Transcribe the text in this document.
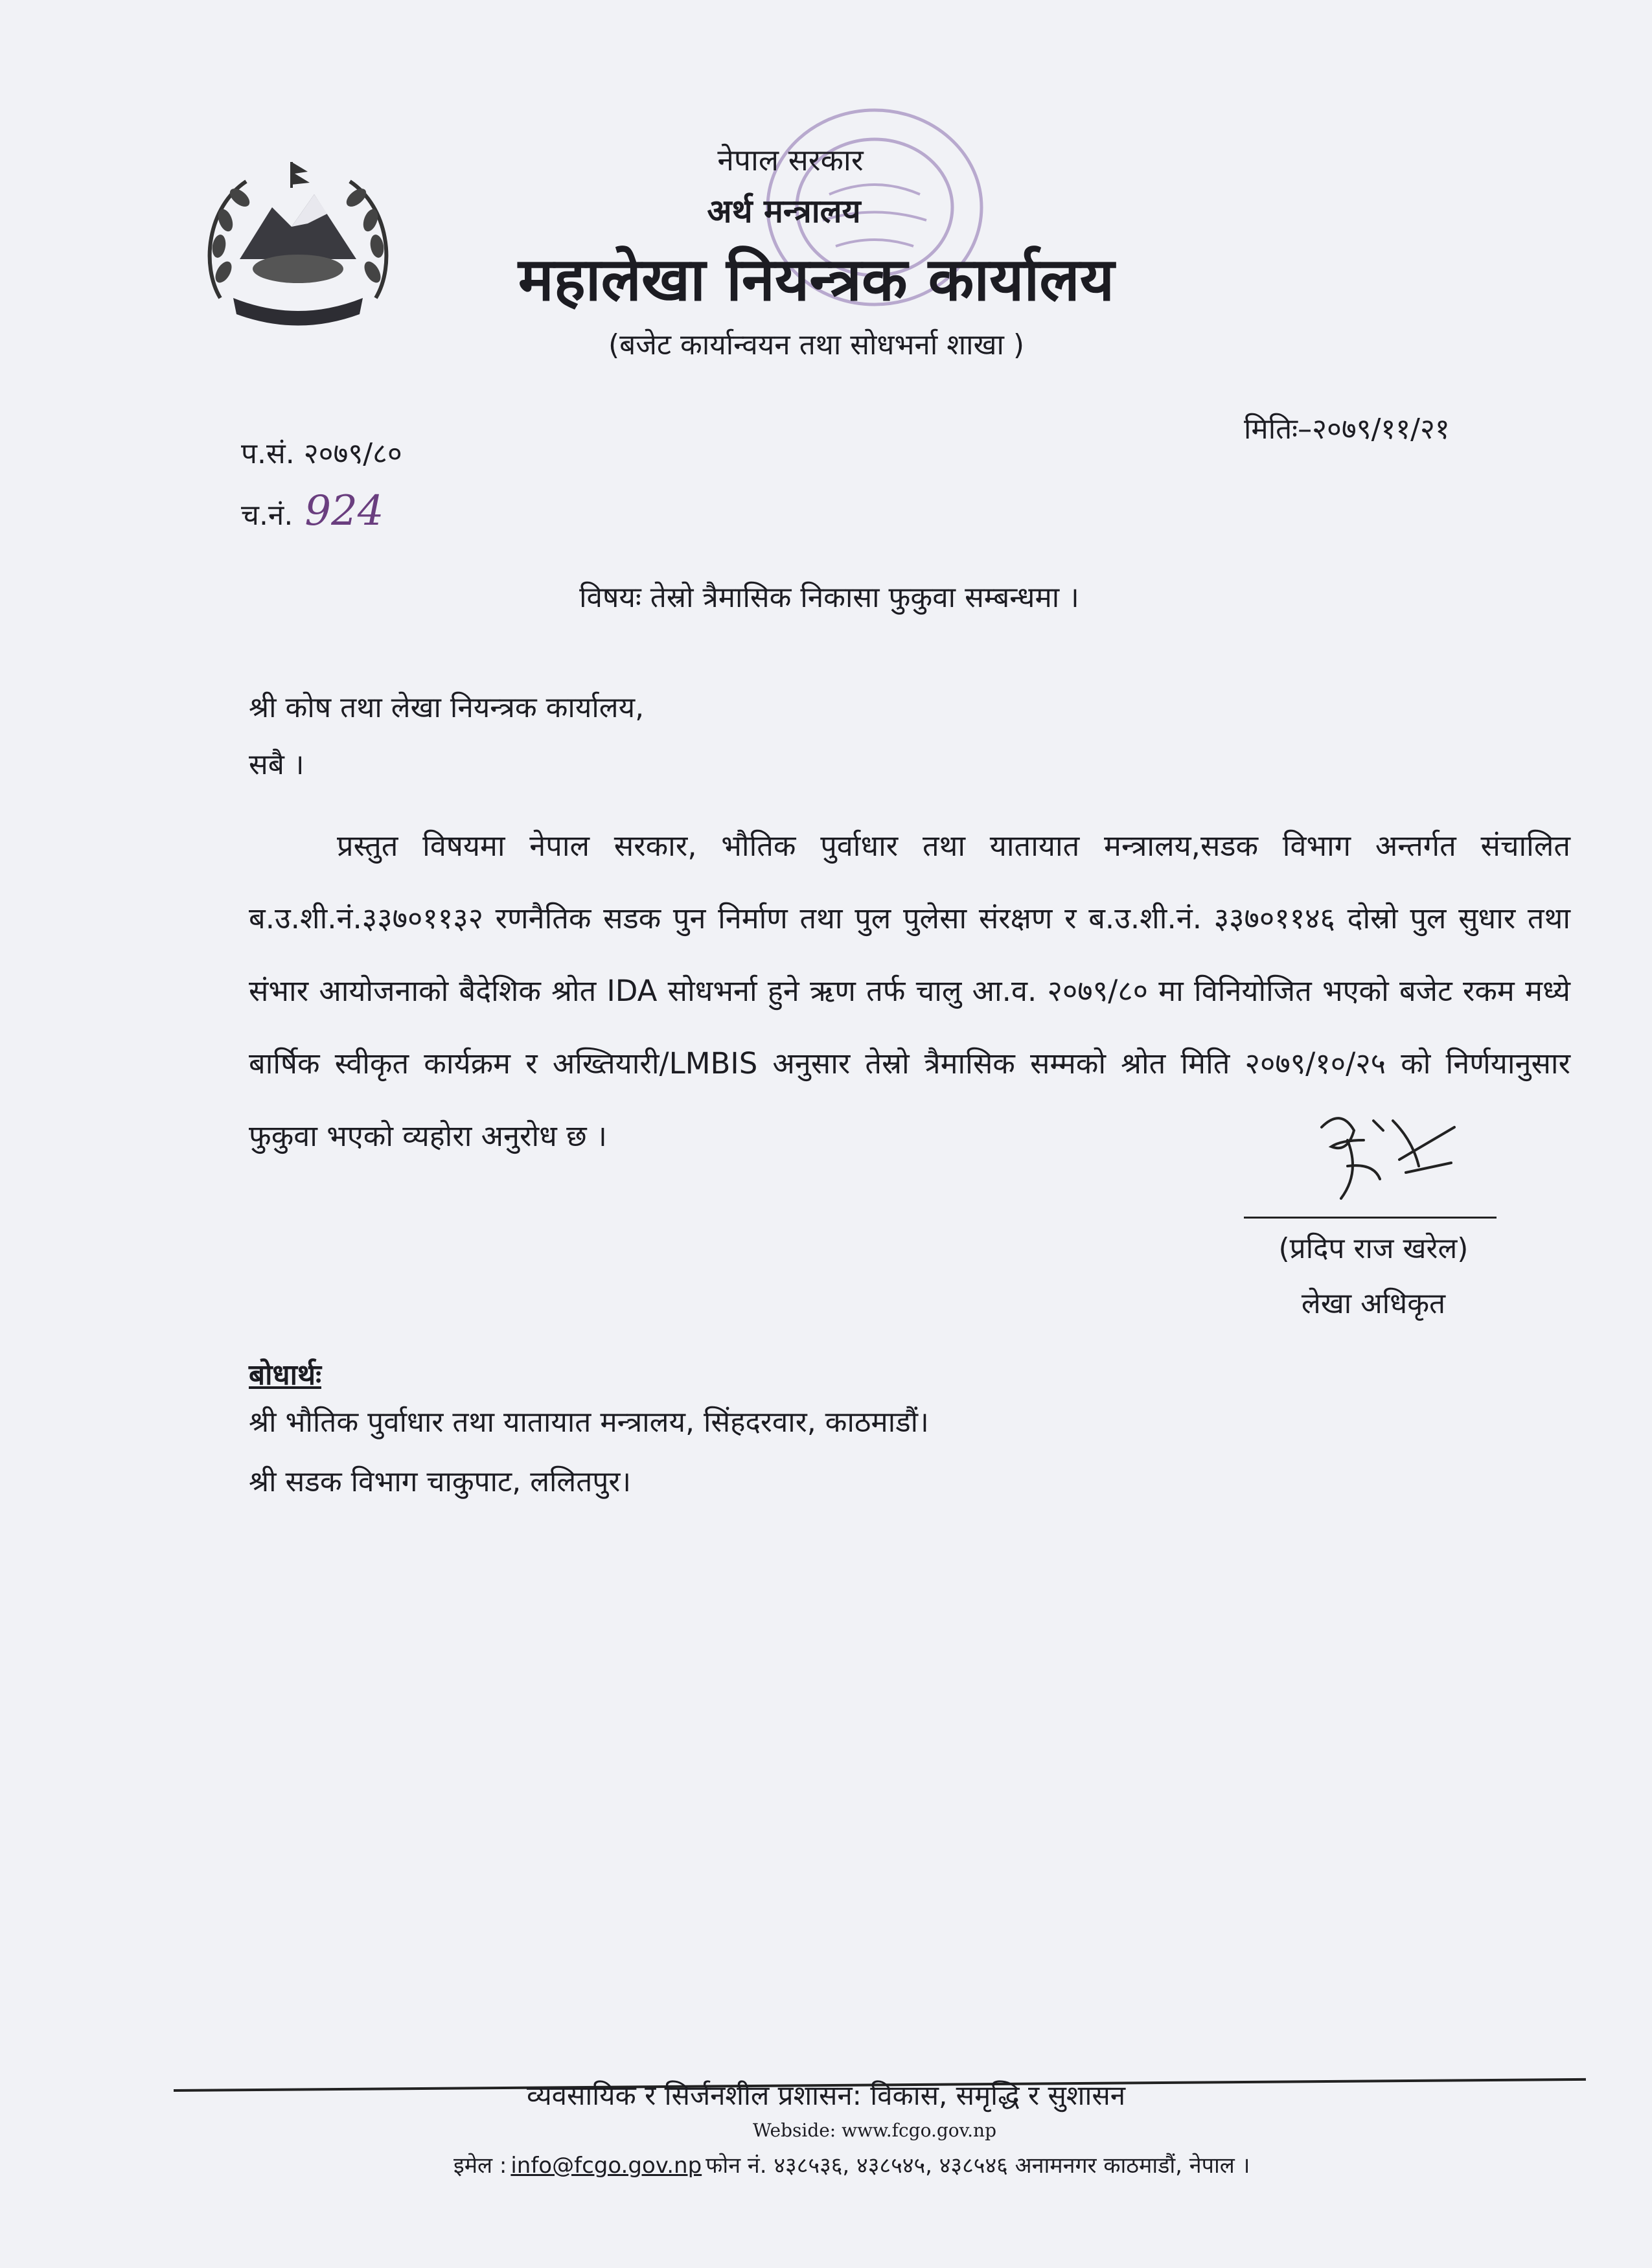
नेपाल सरकार
अर्थ मन्त्रालय
महालेखा नियन्त्रक कार्यालय
(बजेट कार्यान्वयन तथा सोधभर्ना शाखा )
प.सं. २०७९/८०
मितिः–२०७९/११/२१
च.नं. 924
विषयः तेस्रो त्रैमासिक निकासा फुकुवा सम्बन्धमा ।
श्री कोष तथा लेखा नियन्त्रक कार्यालय,
सबै ।
प्रस्तुत विषयमा नेपाल सरकार, भौतिक पुर्वाधार तथा यातायात मन्त्रालय,सडक विभाग अन्तर्गत संचालित ब.उ.शी.नं.३३७०११३२ रणनैतिक सडक पुन निर्माण तथा पुल पुलेसा संरक्षण र ब.उ.शी.नं. ३३७०११४६ दोस्रो पुल सुधार तथा संभार आयोजनाको बैदेशिक श्रोत IDA सोधभर्ना हुने ऋण तर्फ चालु आ.व. २०७९/८० मा विनियोजित भएको बजेट रकम मध्ये बार्षिक स्वीकृत कार्यक्रम र अख्तियारी/LMBIS अनुसार तेस्रो त्रैमासिक सम्मको श्रोत मिति २०७९/१०/२५ को निर्णयानुसार फुकुवा भएको व्यहोरा अनुरोध छ ।
(प्रदिप राज खरेल)
लेखा अधिकृत
बोधार्थः
श्री भौतिक पुर्वाधार तथा यातायात मन्त्रालय, सिंहदरवार, काठमाडौं।
श्री सडक विभाग चाकुपाट, ललितपुर।
व्यवसायिक र सिर्जनशील प्रशासन: विकास, समृद्धि र सुशासन
Webside: www.fcgo.gov.np
इमेल : info@fcgo.gov.np फोन नं. ४३८५३६, ४३८५४५, ४३८५४६ अनामनगर काठमाडौं, नेपाल ।
